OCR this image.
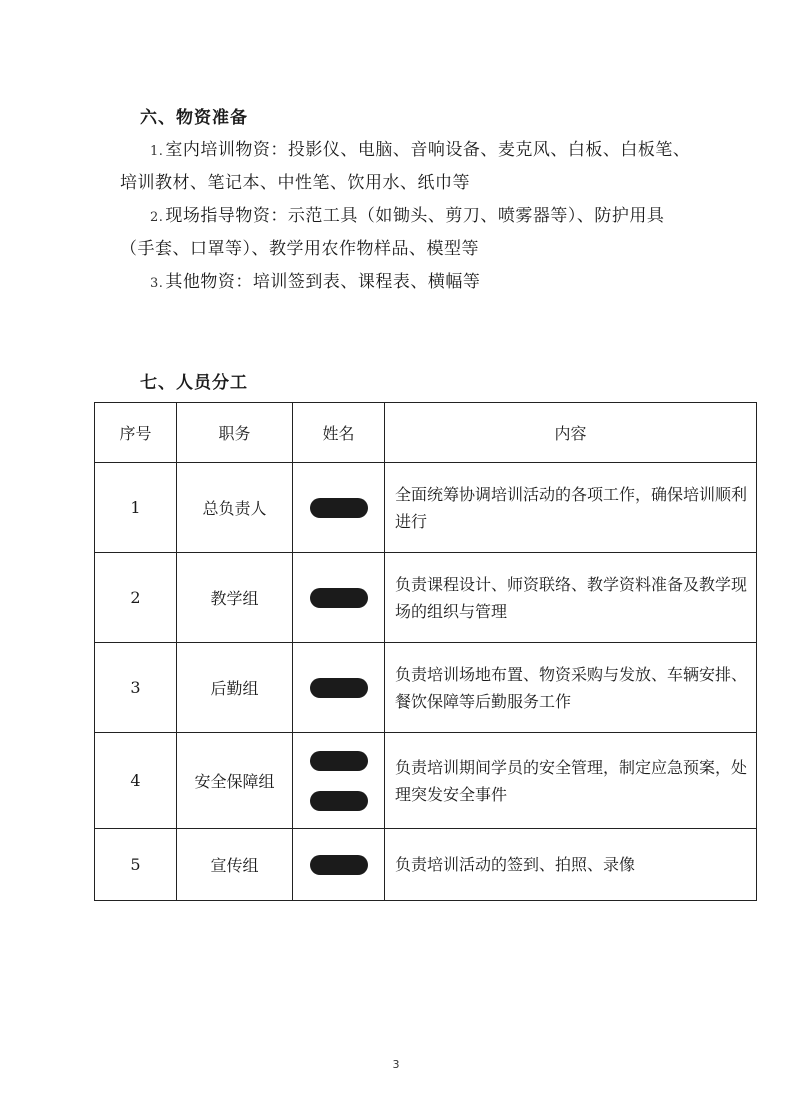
六、物资准备
1. 室内培训物资：投影仪、电脑、音响设备、麦克风、白板、白板笔、
培训教材、笔记本、中性笔、饮用水、纸巾等
2. 现场指导物资：示范工具（如锄头、剪刀、喷雾器等）、防护用具
（手套、口罩等）、教学用农作物样品、模型等
3. 其他物资：培训签到表、课程表、横幅等
七、人员分工
序号	职务	姓名	内容
1	总负责人		全面统筹协调培训活动的各项工作，确保培训顺利进行
2	教学组		负责课程设计、师资联络、教学资料准备及教学现场的组织与管理
3	后勤组		负责培训场地布置、物资采购与发放、车辆安排、餐饮保障等后勤服务工作
4	安全保障组		负责培训期间学员的安全管理，制定应急预案，处理突发安全事件
5	宣传组		负责培训活动的签到、拍照、录像
3
